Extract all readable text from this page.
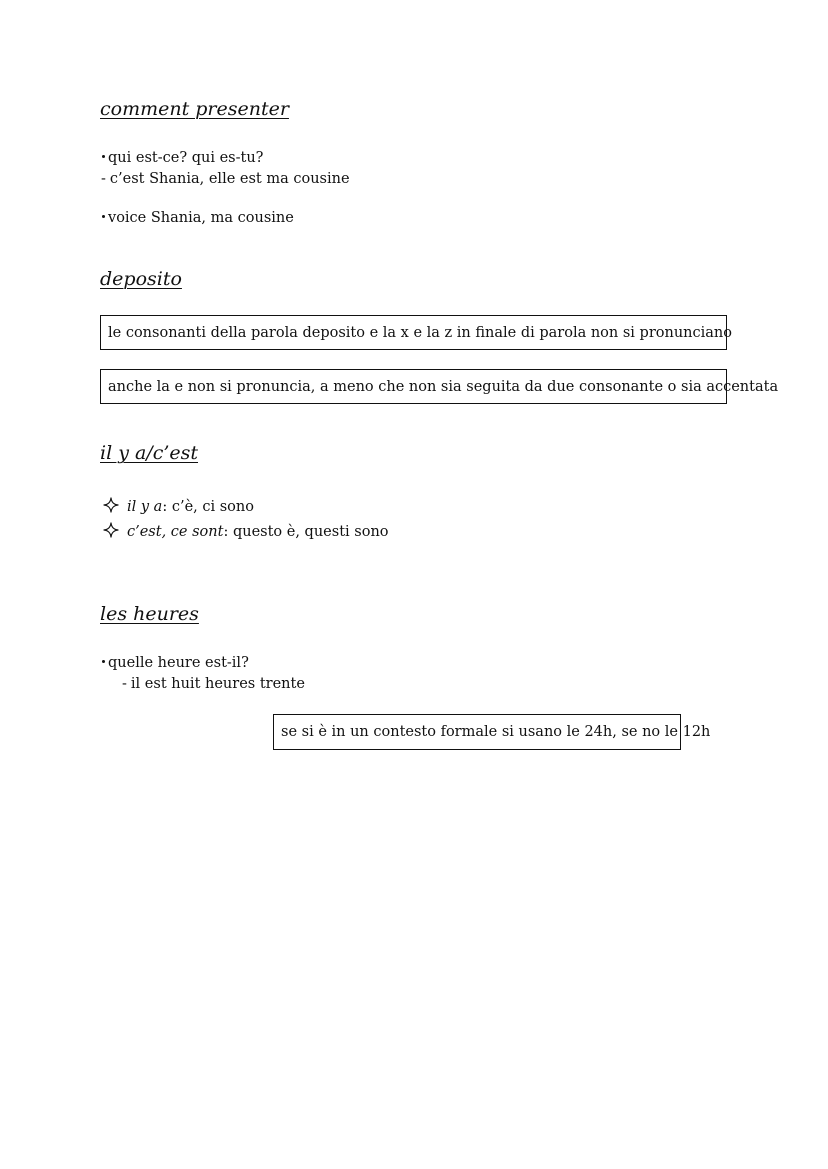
comment presenter

qui est-ce? qui es-tu?

- c’est Shania, elle est ma cousine

voice Shania, ma cousine

deposito
le consonanti della parola deposito e la x e la z in finale di parola non si pronunciano
anche la e non si pronuncia, a meno che non sia seguita da due consonante o sia accentata
il y a/c’est

il y a: c’è, ci sono

c’est, ce sont: questo è, questi sono

les heures

quelle heure est-il?

- il est huit heures trente

se si è in un contesto formale si usano le 24h, se no le 12h
